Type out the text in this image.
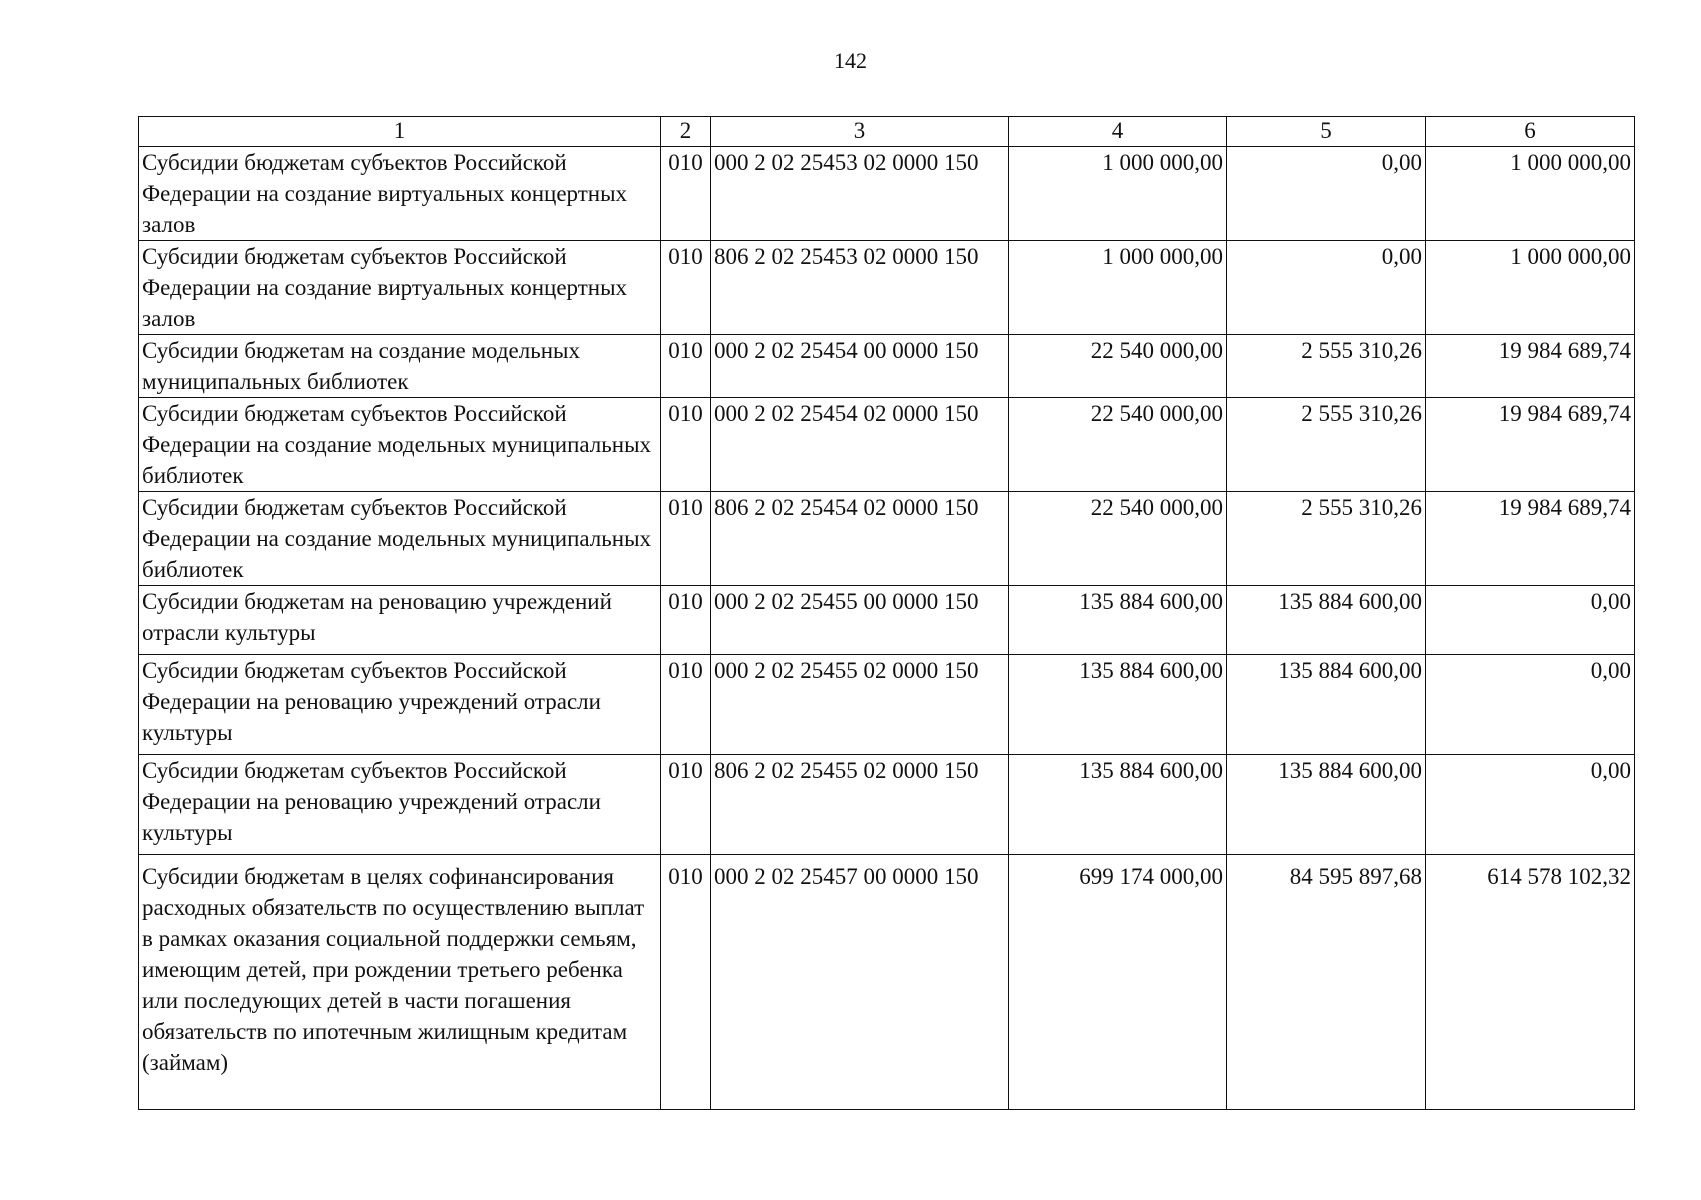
142
1	2	3	4	5	6
Субсидии бюджетам субъектов Российской Федерации на создание виртуальных концертных залов	010	000 2 02 25453 02 0000 150	1 000 000,00	0,00	1 000 000,00
Субсидии бюджетам субъектов Российской Федерации на создание виртуальных концертных залов	010	806 2 02 25453 02 0000 150	1 000 000,00	0,00	1 000 000,00
Субсидии бюджетам на создание модельных муниципальных библиотек	010	000 2 02 25454 00 0000 150	22 540 000,00	2 555 310,26	19 984 689,74
Субсидии бюджетам субъектов Российской Федерации на создание модельных муниципальных библиотек	010	000 2 02 25454 02 0000 150	22 540 000,00	2 555 310,26	19 984 689,74
Субсидии бюджетам субъектов Российской Федерации на создание модельных муниципальных библиотек	010	806 2 02 25454 02 0000 150	22 540 000,00	2 555 310,26	19 984 689,74
Субсидии бюджетам на реновацию учреждений отрасли культуры	010	000 2 02 25455 00 0000 150	135 884 600,00	135 884 600,00	0,00
Субсидии бюджетам субъектов Российской Федерации на реновацию учреждений отрасли культуры	010	000 2 02 25455 02 0000 150	135 884 600,00	135 884 600,00	0,00
Субсидии бюджетам субъектов Российской Федерации на реновацию учреждений отрасли культуры	010	806 2 02 25455 02 0000 150	135 884 600,00	135 884 600,00	0,00
Субсидии бюджетам в целях софинансирования расходных обязательств по осуществлению выплат в рамках оказания социальной поддержки семьям, имеющим детей, при рождении третьего ребенка или последующих детей в части погашения обязательств по ипотечным жилищным кредитам (займам)	010	000 2 02 25457 00 0000 150	699 174 000,00	84 595 897,68	614 578 102,32
